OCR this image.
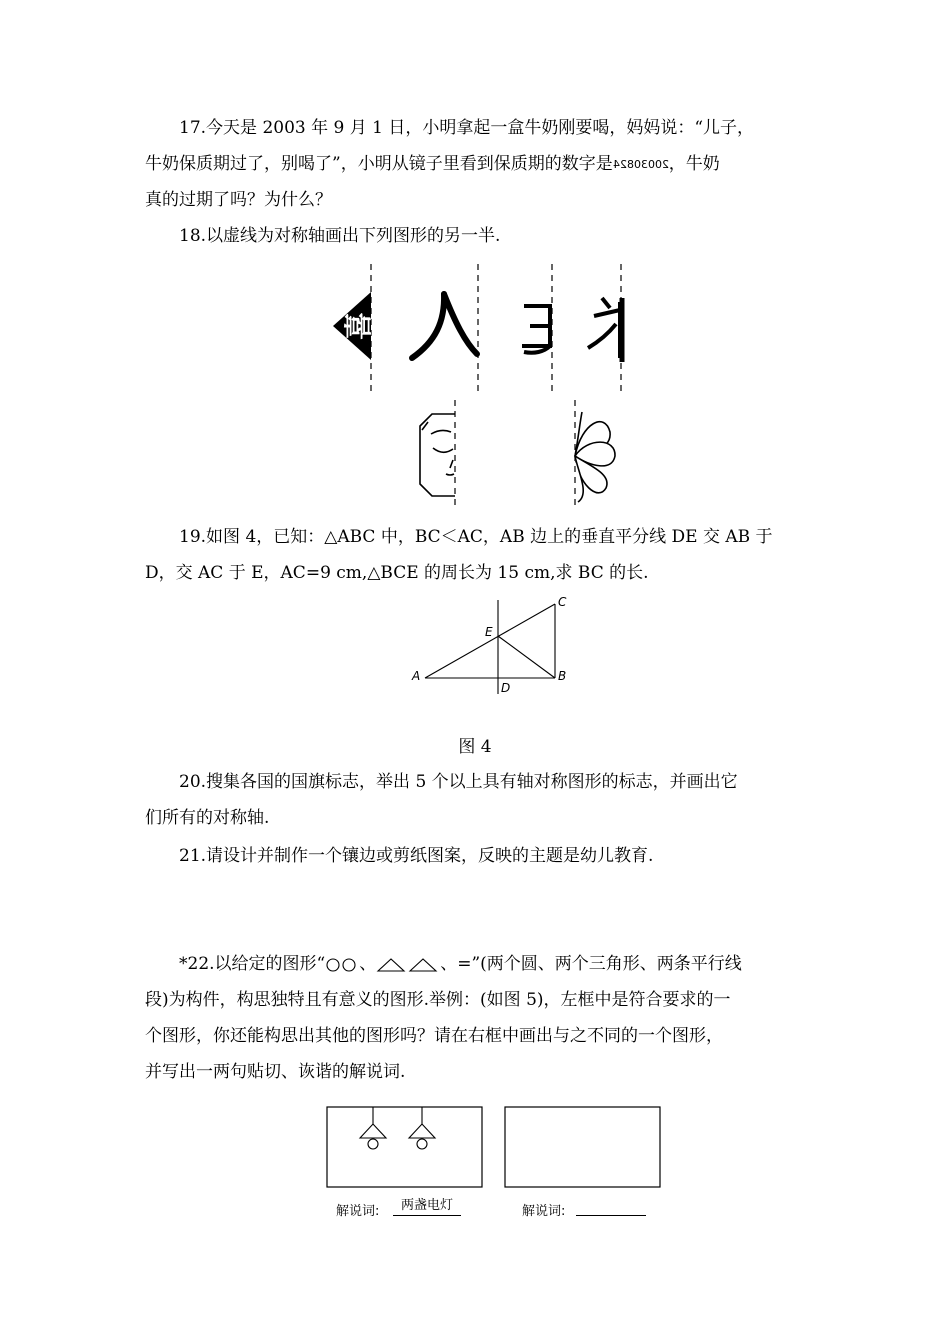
17.今天是 2003 年 9 月 1 日，小明拿起一盒牛奶刚要喝，妈妈说：“儿子，

牛奶保质期过了，别喝了”，小明从镜子里看到保质期的数字是20030824，牛奶

真的过期了吗？为什么？

18.以虚线为对称轴画出下列图形的另一半.

喜

19.如图 4，已知：△ABC 中，BC＜AC，AB 边上的垂直平分线 DE 交 AB 于

D，交 AC 于 E，AC=9 cm,△BCE 的周长为 15 cm,求 BC 的长.

A	B
C
D
E
图 4

20.搜集各国的国旗标志，举出 5 个以上具有轴对称图形的标志，并画出它

们所有的对称轴.

21.请设计并制作一个镶边或剪纸图案，反映的主题是幼儿教育.

*22.以给定的图形“ 、	、=”(两个圆、两个三角形、两条平行线

段)为构件，构思独特且有意义的图形.举例：(如图 5)，左框中是符合要求的一

个图形，你还能构思出其他的图形吗？请在右框中画出与之不同的一个图形，

并写出一两句贴切、诙谐的解说词.

解说词:	两盏电灯	解说词:
